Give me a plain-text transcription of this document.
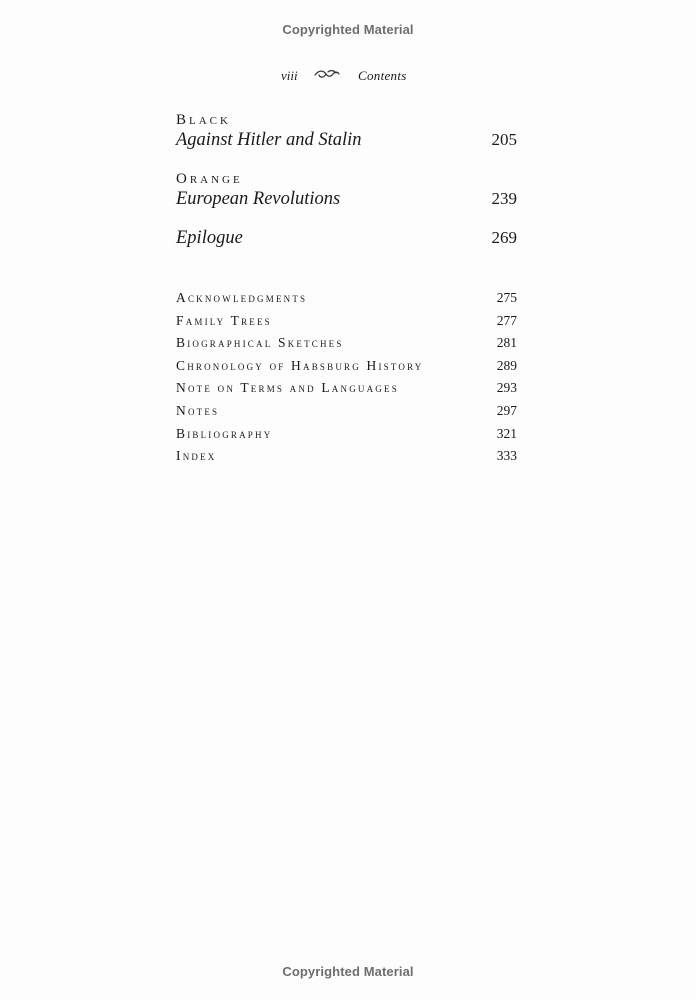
Copyrighted Material
viii	Contents
Black
Against Hitler and Stalin	205
Orange
European Revolutions	239
Epilogue	269
Acknowledgments	275
Family Trees	277
Biographical Sketches	281
Chronology of Habsburg History	289
Note on Terms and Languages	293
Notes	297
Bibliography	321
Index	333
Copyrighted Material
